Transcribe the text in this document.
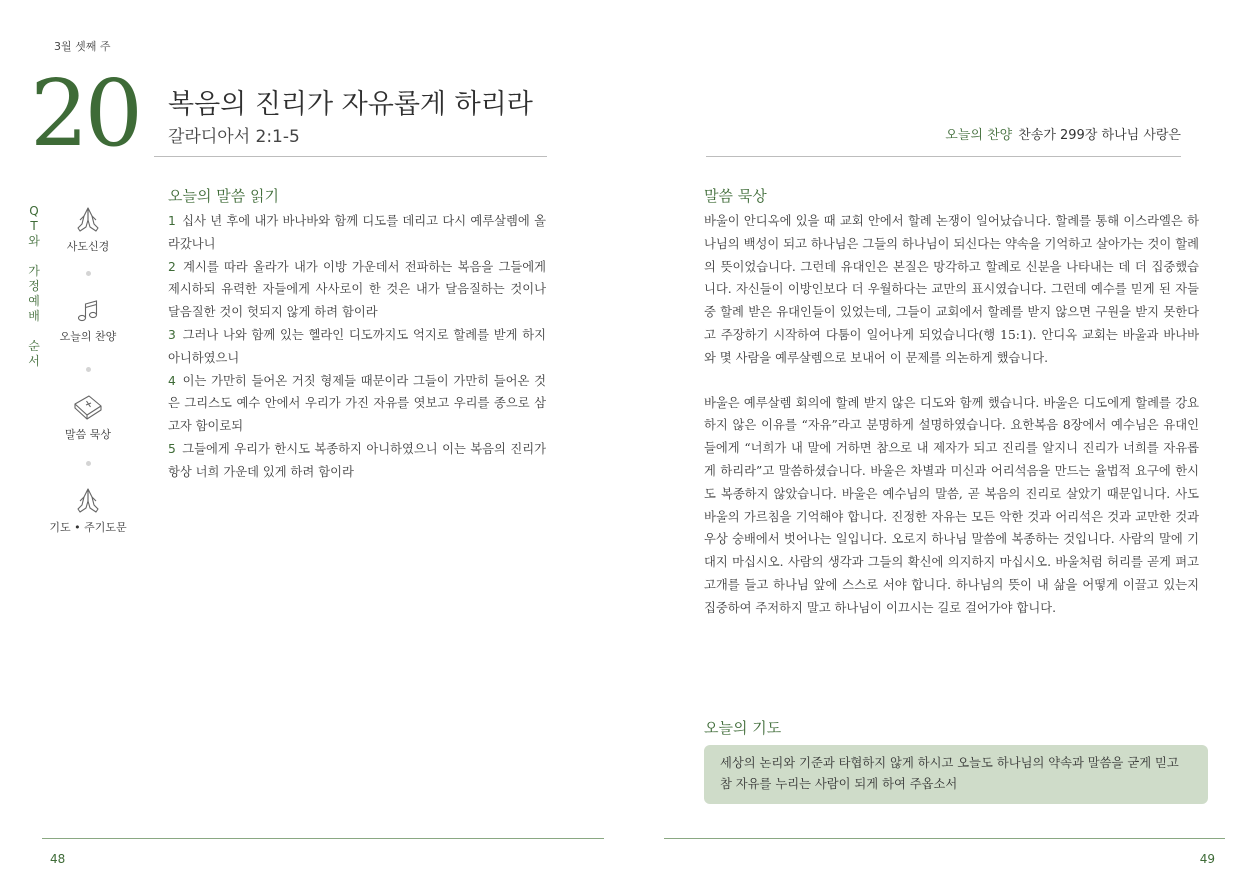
3월 셋째 주
20 복음의 진리가 자유롭게 하리라
갈라디아서 2:1-5	오늘의 찬양 찬송가 299장 하나님 사랑은
Q
T
와
가
정
예
배
순
서
사도신경
오늘의 찬양
말씀 묵상
기도 • 주기도문
오늘의 말씀 읽기

1 십사 년 후에 내가 바나바와 함께 디도를 데리고 다시 예루살렘에 올라갔나니

2 계시를 따라 올라가 내가 이방 가운데서 전파하는 복음을 그들에게 제시하되 유력한 자들에게 사사로이 한 것은 내가 달음질하는 것이나 달음질한 것이 헛되지 않게 하려 함이라

3 그러나 나와 함께 있는 헬라인 디도까지도 억지로 할례를 받게 하지 아니하였으니

4 이는 가만히 들어온 거짓 형제들 때문이라 그들이 가만히 들어온 것은 그리스도 예수 안에서 우리가 가진 자유를 엿보고 우리를 종으로 삼고자 함이로되

5 그들에게 우리가 한시도 복종하지 아니하였으니 이는 복음의 진리가 항상 너희 가운데 있게 하려 함이라

말씀 묵상

바울이 안디옥에 있을 때 교회 안에서 할례 논쟁이 일어났습니다. 할례를 통해 이스라엘은 하나님의 백성이 되고 하나님은 그들의 하나님이 되신다는 약속을 기억하고 살아가는 것이 할례의 뜻이었습니다. 그런데 유대인은 본질은 망각하고 할례로 신분을 나타내는 데 더 집중했습니다. 자신들이 이방인보다 더 우월하다는 교만의 표시였습니다. 그런데 예수를 믿게 된 자들 중 할례 받은 유대인들이 있었는데, 그들이 교회에서 할례를 받지 않으면 구원을 받지 못한다고 주장하기 시작하여 다툼이 일어나게 되었습니다(행 15:1). 안디옥 교회는 바울과 바나바와 몇 사람을 예루살렘으로 보내어 이 문제를 의논하게 했습니다.

바울은 예루살렘 회의에 할례 받지 않은 디도와 함께 했습니다. 바울은 디도에게 할례를 강요하지 않은 이유를 “자유”라고 분명하게 설명하였습니다. 요한복음 8장에서 예수님은 유대인들에게 “너희가 내 말에 거하면 참으로 내 제자가 되고 진리를 알지니 진리가 너희를 자유롭게 하리라”고 말씀하셨습니다. 바울은 차별과 미신과 어리석음을 만드는 율법적 요구에 한시도 복종하지 않았습니다. 바울은 예수님의 말씀, 곧 복음의 진리로 살았기 때문입니다. 사도 바울의 가르침을 기억해야 합니다. 진정한 자유는 모든 악한 것과 어리석은 것과 교만한 것과 우상 숭배에서 벗어나는 일입니다. 오로지 하나님 말씀에 복종하는 것입니다. 사람의 말에 기대지 마십시오. 사람의 생각과 그들의 확신에 의지하지 마십시오. 바울처럼 허리를 곧게 펴고 고개를 들고 하나님 앞에 스스로 서야 합니다. 하나님의 뜻이 내 삶을 어떻게 이끌고 있는지 집중하여 주저하지 말고 하나님이 이끄시는 길로 걸어가야 합니다.

오늘의 기도
세상의 논리와 기준과 타협하지 않게 하시고 오늘도 하나님의 약속과 말씀을 굳게 믿고 참 자유를 누리는 사람이 되게 하여 주옵소서
48	49
